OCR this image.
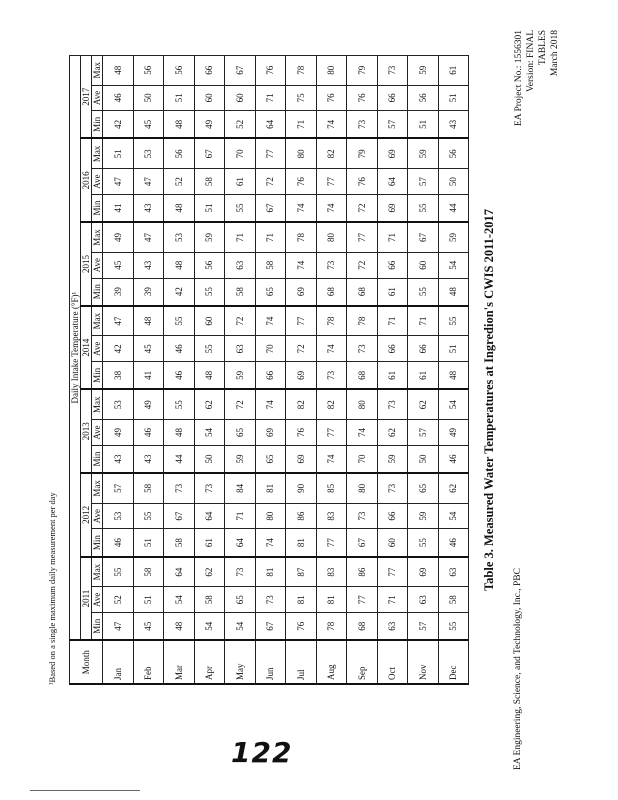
EA Engineering, Science, and Technology, Inc., PBC
EA Project No.: 1556301 Version: FINAL TABLES March 2018
Table 3. Measured Water Temperatures at Ingredion's CWIS 2011-2017
Month	Daily Intake Temperature (°F)¹																				
	2011			2012			2013			2014			2015			2016			2017		
	Min	Ave	Max	Min	Ave	Max	Min	Ave	Max	Min	Ave	Max	Min	Ave	Max	Min	Ave	Max	Min	Ave	Max
Jan	47	52	55	46	53	57	43	49	53	38	42	47	39	45	49	41	47	51	42	46	48
Feb	45	51	58	51	55	58	43	46	49	41	45	48	39	43	47	43	47	53	45	50	56
Mar	48	54	64	58	67	73	44	48	55	46	46	55	42	48	53	48	52	56	48	51	56
Apr	54	58	62	61	64	73	50	54	62	48	55	60	55	56	59	51	58	67	49	60	66
May	54	65	73	64	71	84	59	65	72	59	63	72	58	63	71	55	61	70	52	60	67
Jun	67	73	81	74	80	81	65	69	74	66	70	74	65	58	71	67	72	77	64	71	76
Jul	76	81	87	81	86	90	69	76	82	69	72	77	69	74	78	74	76	80	71	75	78
Aug	78	81	83	77	83	85	74	77	82	73	74	78	68	73	80	74	77	82	74	76	80
Sep	68	77	86	67	73	80	70	74	80	68	73	78	68	72	77	72	76	79	73	76	79
Oct	63	71	77	60	66	73	59	62	73	61	66	71	61	66	71	69	64	69	57	66	73
Nov	57	63	69	55	59	65	50	57	62	61	66	71	55	60	67	55	57	59	51	56	59
Dec	55	58	63	46	54	62	46	49	54	48	51	55	48	54	59	44	50	56	43	51	61
¹Based on a single maximum daily measurement per day
122
